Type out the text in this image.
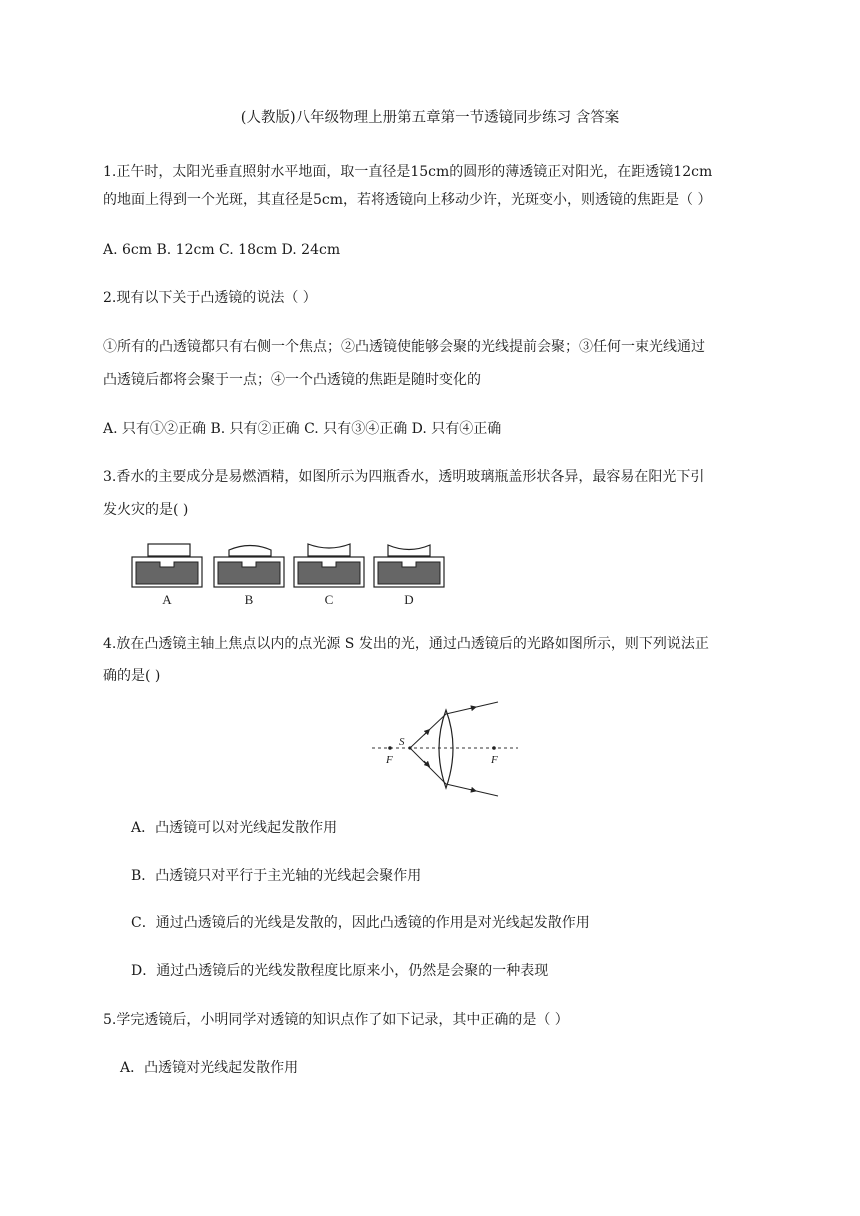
(人教版)八年级物理上册第五章第一节透镜同步练习 含答案
1.正午时，太阳光垂直照射水平地面，取一直径是15cm的圆形的薄透镜正对阳光，在距透镜12cm
的地面上得到一个光斑，其直径是5cm，若将透镜向上移动少许，光斑变小，则透镜的焦距是（ ）
A. 6cm B. 12cm C. 18cm D. 24cm
2.现有以下关于凸透镜的说法（ ）
①所有的凸透镜都只有右侧一个焦点；②凸透镜使能够会聚的光线提前会聚；③任何一束光线通过
凸透镜后都将会聚于一点；④一个凸透镜的焦距是随时变化的
A. 只有①②正确 B. 只有②正确 C. 只有③④正确 D. 只有④正确
3.香水的主要成分是易燃酒精，如图所示为四瓶香水，透明玻璃瓶盖形状各异，最容易在阳光下引
发火灾的是( )
A	B	C	D
4.放在凸透镜主轴上焦点以内的点光源 S 发出的光，通过凸透镜后的光路如图所示，则下列说法正
确的是( )
S
F	F
A．凸透镜可以对光线起发散作用
B．凸透镜只对平行于主光轴的光线起会聚作用
C．通过凸透镜后的光线是发散的，因此凸透镜的作用是对光线起发散作用
D．通过凸透镜后的光线发散程度比原来小，仍然是会聚的一种表现
5.学完透镜后，小明同学对透镜的知识点作了如下记录，其中正确的是（ ）
A．凸透镜对光线起发散作用
